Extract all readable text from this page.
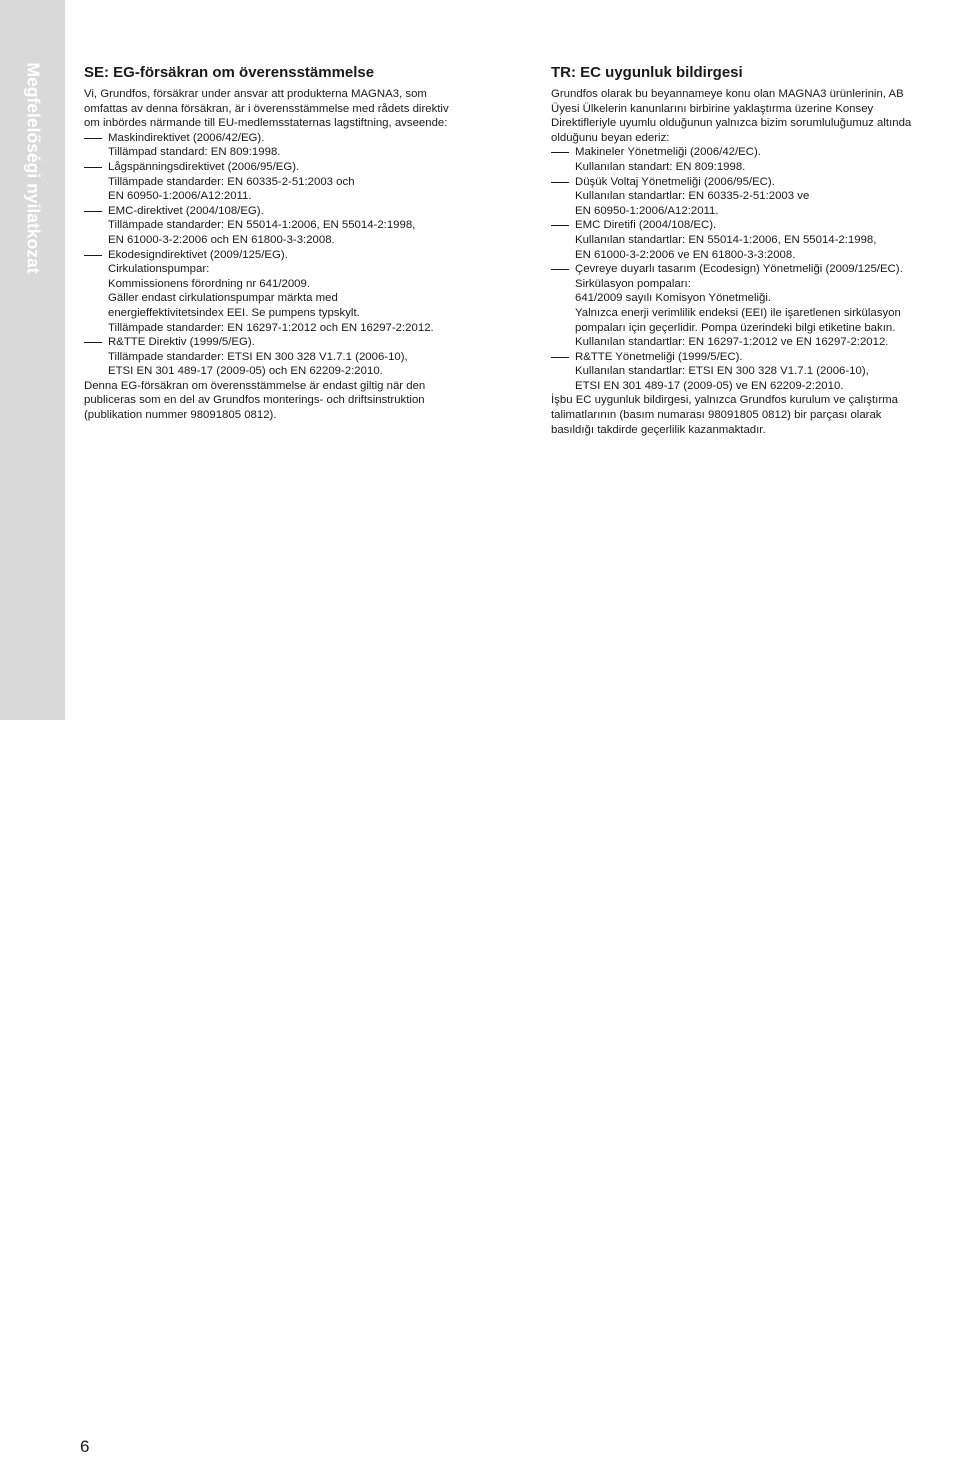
Megfelelőségi nyilatkozat	SE: EG-försäkran om överensstämmelse
Vi, Grundfos, försäkrar under ansvar att produkterna MAGNA3, som
omfattas av denna försäkran, är i överensstämmelse med rådets direktiv
om inbördes närmande till EU-medlemsstaternas lagstiftning, avseende:
Maskindirektivet (2006/42/EG).
Tillämpad standard: EN 809:1998.
Lågspänningsdirektivet (2006/95/EG).
Tillämpade standarder: EN 60335-2-51:2003 och
EN 60950-1:2006/A12:2011.
EMC-direktivet (2004/108/EG).
Tillämpade standarder: EN 55014-1:2006, EN 55014-2:1998,
EN 61000-3-2:2006 och EN 61800-3-3:2008.
Ekodesigndirektivet (2009/125/EG).
Cirkulationspumpar:
Kommissionens förordning nr 641/2009.
Gäller endast cirkulationspumpar märkta med
energieffektivitetsindex EEI. Se pumpens typskylt.
Tillämpade standarder: EN 16297-1:2012 och EN 16297-2:2012.
R&TTE Direktiv (1999/5/EG).
Tillämpade standarder: ETSI EN 300 328 V1.7.1 (2006-10),
ETSI EN 301 489-17 (2009-05) och EN 62209-2:2010.
Denna EG-försäkran om överensstämmelse är endast giltig när den
publiceras som en del av Grundfos monterings- och driftsinstruktion
(publikation nummer 98091805 0812).
TR: EC uygunluk bildirgesi
Grundfos olarak bu beyannameye konu olan MAGNA3 ürünlerinin, AB
Üyesi Ülkelerin kanunlarını birbirine yaklaştırma üzerine Konsey
Direktifleriyle uyumlu olduğunun yalnızca bizim sorumluluğumuz altında
olduğunu beyan ederiz:
Makineler Yönetmeliği (2006/42/EC).
Kullanılan standart: EN 809:1998.
Düşük Voltaj Yönetmeliği (2006/95/EC).
Kullanılan standartlar: EN 60335-2-51:2003 ve
EN 60950-1:2006/A12:2011.
EMC Diretifi (2004/108/EC).
Kullanılan standartlar: EN 55014-1:2006, EN 55014-2:1998,
EN 61000-3-2:2006 ve EN 61800-3-3:2008.
Çevreye duyarlı tasarım (Ecodesign) Yönetmeliği (2009/125/EC).
Sirkülasyon pompaları:
641/2009 sayılı Komisyon Yönetmeliği.
Yalnızca enerji verimlilik endeksi (EEI) ile işaretlenen sirkülasyon
pompaları için geçerlidir. Pompa üzerindeki bilgi etiketine bakın.
Kullanılan standartlar: EN 16297-1:2012 ve EN 16297-2:2012.
R&TTE Yönetmeliği (1999/5/EC).
Kullanılan standartlar: ETSI EN 300 328 V1.7.1 (2006-10),
ETSI EN 301 489-17 (2009-05) ve EN 62209-2:2010.
İşbu EC uygunluk bildirgesi, yalnızca Grundfos kurulum ve çalıştırma
talimatlarının (basım numarası 98091805 0812) bir parçası olarak
basıldığı takdirde geçerlilik kazanmaktadır.
6
